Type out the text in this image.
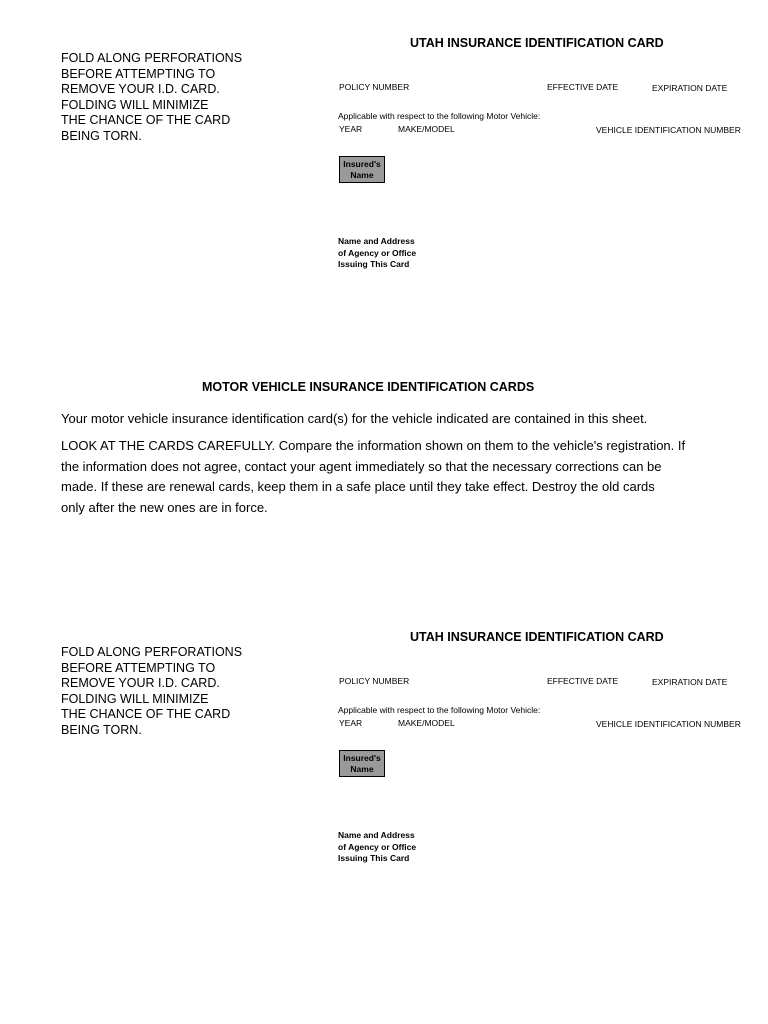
FOLD ALONG PERFORATIONS
BEFORE ATTEMPTING TO
REMOVE YOUR I.D. CARD.
FOLDING WILL MINIMIZE
THE CHANCE OF THE CARD
BEING TORN.
UTAH INSURANCE IDENTIFICATION CARD
POLICY NUMBER	EFFECTIVE DATE	EXPIRATION DATE
Applicable with respect to the following Motor Vehicle:
YEAR	MAKE/MODEL	VEHICLE IDENTIFICATION NUMBER
Insured's
Name
Name and Address
of Agency or Office
Issuing This Card
MOTOR VEHICLE INSURANCE IDENTIFICATION CARDS
Your motor vehicle insurance identification card(s) for the vehicle indicated are contained in this sheet.
LOOK AT THE CARDS CAREFULLY. Compare the information shown on them to the vehicle's registration. If
the information does not agree, contact your agent immediately so that the necessary corrections can be
made. If these are renewal cards, keep them in a safe place until they take effect. Destroy the old cards
only after the new ones are in force.
FOLD ALONG PERFORATIONS
BEFORE ATTEMPTING TO
REMOVE YOUR I.D. CARD.
FOLDING WILL MINIMIZE
THE CHANCE OF THE CARD
BEING TORN.
UTAH INSURANCE IDENTIFICATION CARD
POLICY NUMBER	EFFECTIVE DATE	EXPIRATION DATE
Applicable with respect to the following Motor Vehicle:
YEAR	MAKE/MODEL	VEHICLE IDENTIFICATION NUMBER
Insured's
Name
Name and Address
of Agency or Office
Issuing This Card
